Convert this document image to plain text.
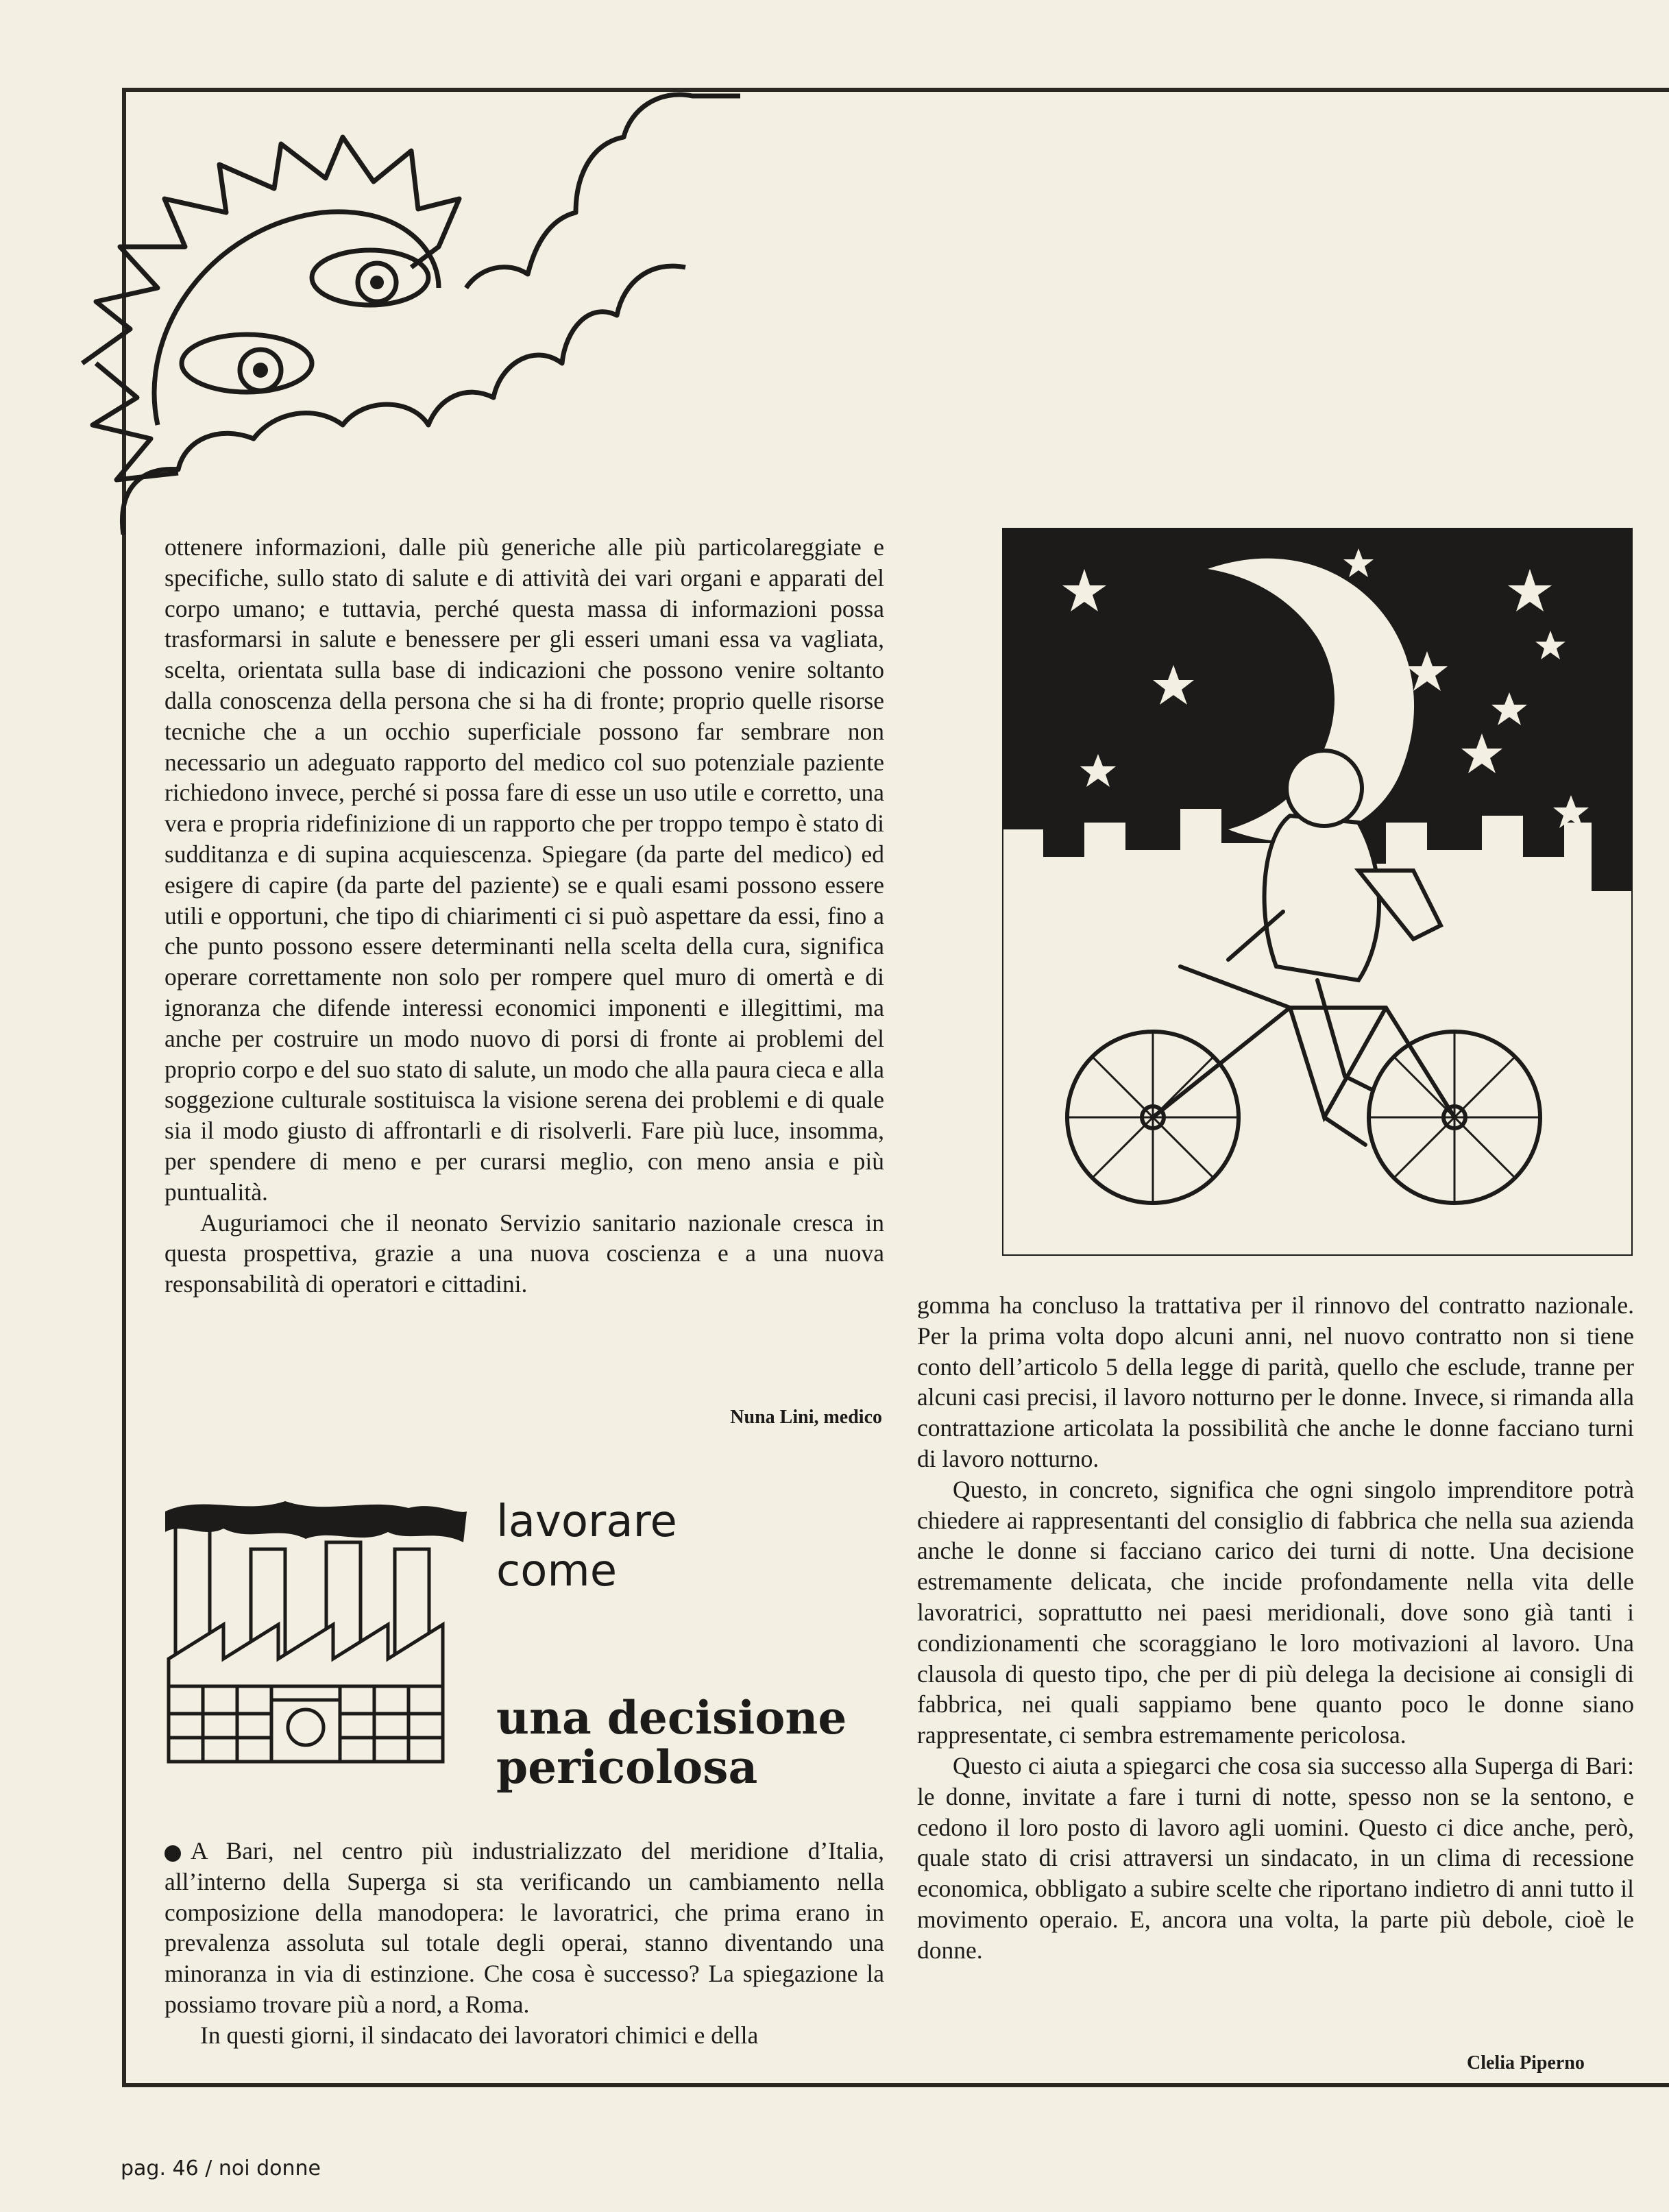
ottenere informazioni, dalle più generiche alle più particolareggiate e specifiche, sullo stato di salute e di attività dei vari organi e apparati del corpo umano; e tuttavia, perché questa massa di informazioni possa trasformarsi in salute e benessere per gli esseri umani essa va vagliata, scelta, orientata sulla base di indicazioni che possono venire soltanto dalla conoscenza della persona che si ha di fronte; proprio quelle risorse tecniche che a un occhio superficiale possono far sembrare non necessario un adeguato rapporto del medico col suo potenziale paziente richiedono invece, perché si possa fare di esse un uso utile e corretto, una vera e propria ridefinizione di un rapporto che per troppo tempo è stato di sudditanza e di supina acquiescenza. Spiegare (da parte del medico) ed esigere di capire (da parte del paziente) se e quali esami possono essere utili e opportuni, che tipo di chiarimenti ci si può aspettare da essi, fino a che punto possono essere determinanti nella scelta della cura, significa operare correttamente non solo per rompere quel muro di omertà e di ignoranza che difende interessi economici imponenti e illegittimi, ma anche per costruire un modo nuovo di porsi di fronte ai problemi del proprio corpo e del suo stato di salute, un modo che alla paura cieca e alla soggezione culturale sostituisca la visione serena dei problemi e di quale sia il modo giusto di affrontarli e di risolverli. Fare più luce, insomma, per spendere di meno e per curarsi meglio, con meno ansia e più puntualità.

Auguriamoci che il neonato Servizio sanitario nazionale cresca in questa prospettiva, grazie a una nuova coscienza e a una nuova responsabilità di operatori e cittadini.

Nuna Lini, medico
lavorare
come
una decisione
pericolosa

A Bari, nel centro più industrializzato del meridione d’Italia, all’interno della Superga si sta verificando un cambiamento nella composizione della manodopera: le lavoratrici, che prima erano in prevalenza assoluta sul totale degli operai, stanno diventando una minoranza in via di estinzione. Che cosa è successo? La spiegazione la possiamo trovare più a nord, a Roma.

In questi giorni, il sindacato dei lavoratori chimici e della

gomma ha concluso la trattativa per il rinnovo del contratto nazionale. Per la prima volta dopo alcuni anni, nel nuovo contratto non si tiene conto dell’articolo 5 della legge di parità, quello che esclude, tranne per alcuni casi precisi, il lavoro notturno per le donne. Invece, si rimanda alla contrattazione articolata la possibilità che anche le donne facciano turni di lavoro notturno.

Questo, in concreto, significa che ogni singolo imprenditore potrà chiedere ai rappresentanti del consiglio di fabbrica che nella sua azienda anche le donne si facciano carico dei turni di notte. Una decisione estremamente delicata, che incide profondamente nella vita delle lavoratrici, soprattutto nei paesi meridionali, dove sono già tanti i condizionamenti che scoraggiano le loro motivazioni al lavoro. Una clausola di questo tipo, che per di più delega la decisione ai consigli di fabbrica, nei quali sappiamo bene quanto poco le donne siano rappresentate, ci sembra estremamente pericolosa.

Questo ci aiuta a spiegarci che cosa sia successo alla Superga di Bari: le donne, invitate a fare i turni di notte, spesso non se la sentono, e cedono il loro posto di lavoro agli uomini. Questo ci dice anche, però, quale stato di crisi attraversi un sindacato, in un clima di recessione economica, obbligato a subire scelte che riportano indietro di anni tutto il movimento operaio. E, ancora una volta, la parte più debole, cioè le donne.

Clelia Piperno
pag. 46 / noi donne
